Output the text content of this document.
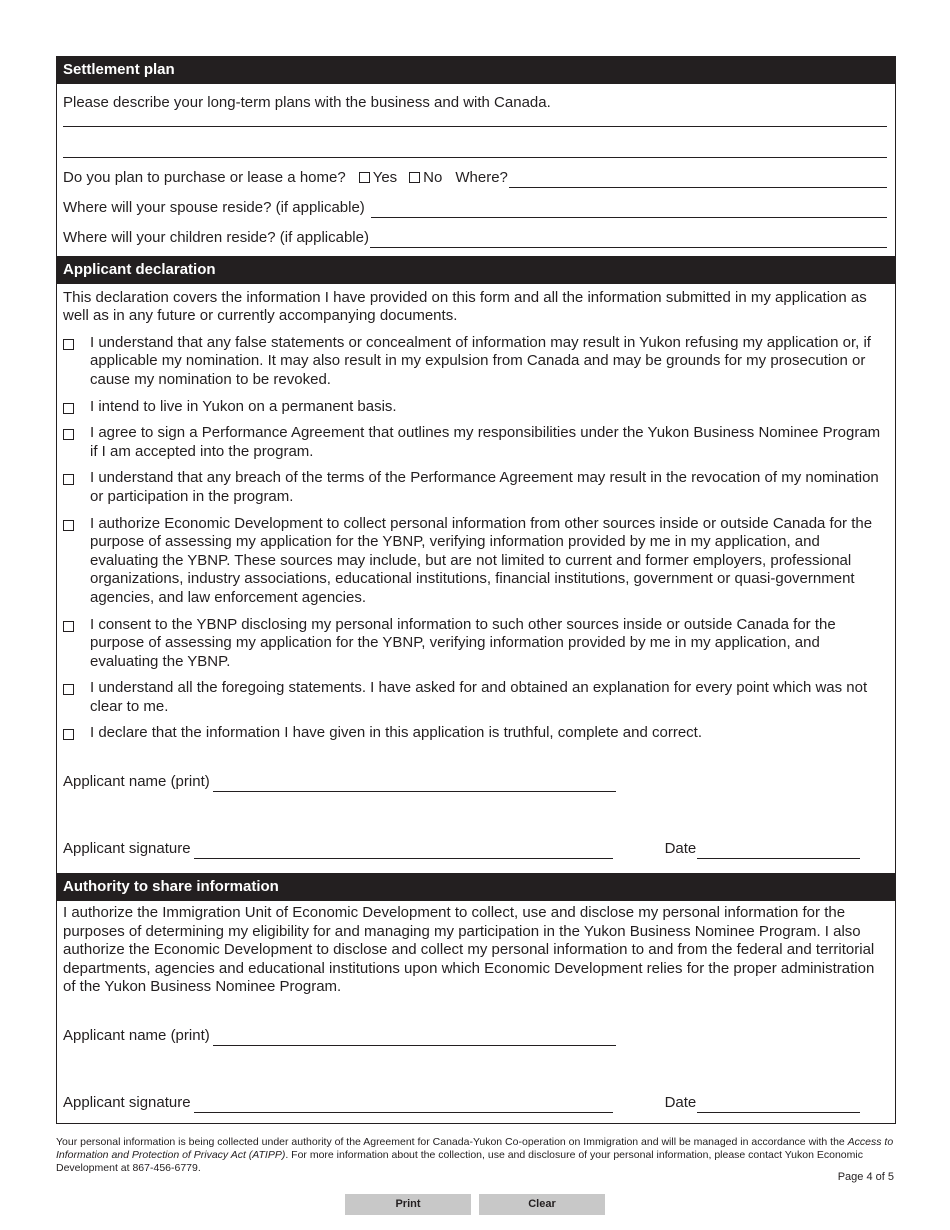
Settlement plan
Please describe your long-term plans with the business and with Canada.
Do you plan to purchase or lease a home?	Yes	No Where?
Where will your spouse reside? (if applicable)
Where will your children reside? (if applicable)
Applicant declaration
This declaration covers the information I have provided on this form and all the information submitted in my application as well as in any future or currently accompanying documents.
I understand that any false statements or concealment of information may result in Yukon refusing my application or, if applicable my nomination. It may also result in my expulsion from Canada and may be grounds for my prosecution or cause my nomination to be revoked.
I intend to live in Yukon on a permanent basis.
I agree to sign a Performance Agreement that outlines my responsibilities under the Yukon Business Nominee Program if I am accepted into the program.
I understand that any breach of the terms of the Performance Agreement may result in the revocation of my nomination or participation in the program.
I authorize Economic Development to collect personal information from other sources inside or outside Canada for the purpose of assessing my application for the YBNP, verifying information provided by me in my application, and evaluating the YBNP. These sources may include, but are not limited to current and former employers, professional organizations, industry associations, educational institutions, financial institutions, government or quasi-government agencies, and law enforcement agencies.
I consent to the YBNP disclosing my personal information to such other sources inside or outside Canada for the purpose of assessing my application for the YBNP, verifying information provided by me in my application, and evaluating the YBNP.
I understand all the foregoing statements. I have asked for and obtained an explanation for every point which was not clear to me.
I declare that the information I have given in this application is truthful, complete and correct.
Applicant name (print)
Applicant signature	Date
Authority to share information
I authorize the Immigration Unit of Economic Development to collect, use and disclose my personal information for the purposes of determining my eligibility for and managing my participation in the Yukon Business Nominee Program. I also authorize the Economic Development to disclose and collect my personal information to and from the federal and territorial departments, agencies and educational institutions upon which Economic Development relies for the proper administration of the Yukon Business Nominee Program.
Applicant name (print)
Applicant signature	Date
Your personal information is being collected under authority of the Agreement for Canada-Yukon Co-operation on Immigration and will be managed in accordance with the Access to Information and Protection of Privacy Act (ATIPP). For more information about the collection, use and disclosure of your personal information, please contact Yukon Economic Development at 867-456-6779.
Page 4 of 5
Print	Clear
